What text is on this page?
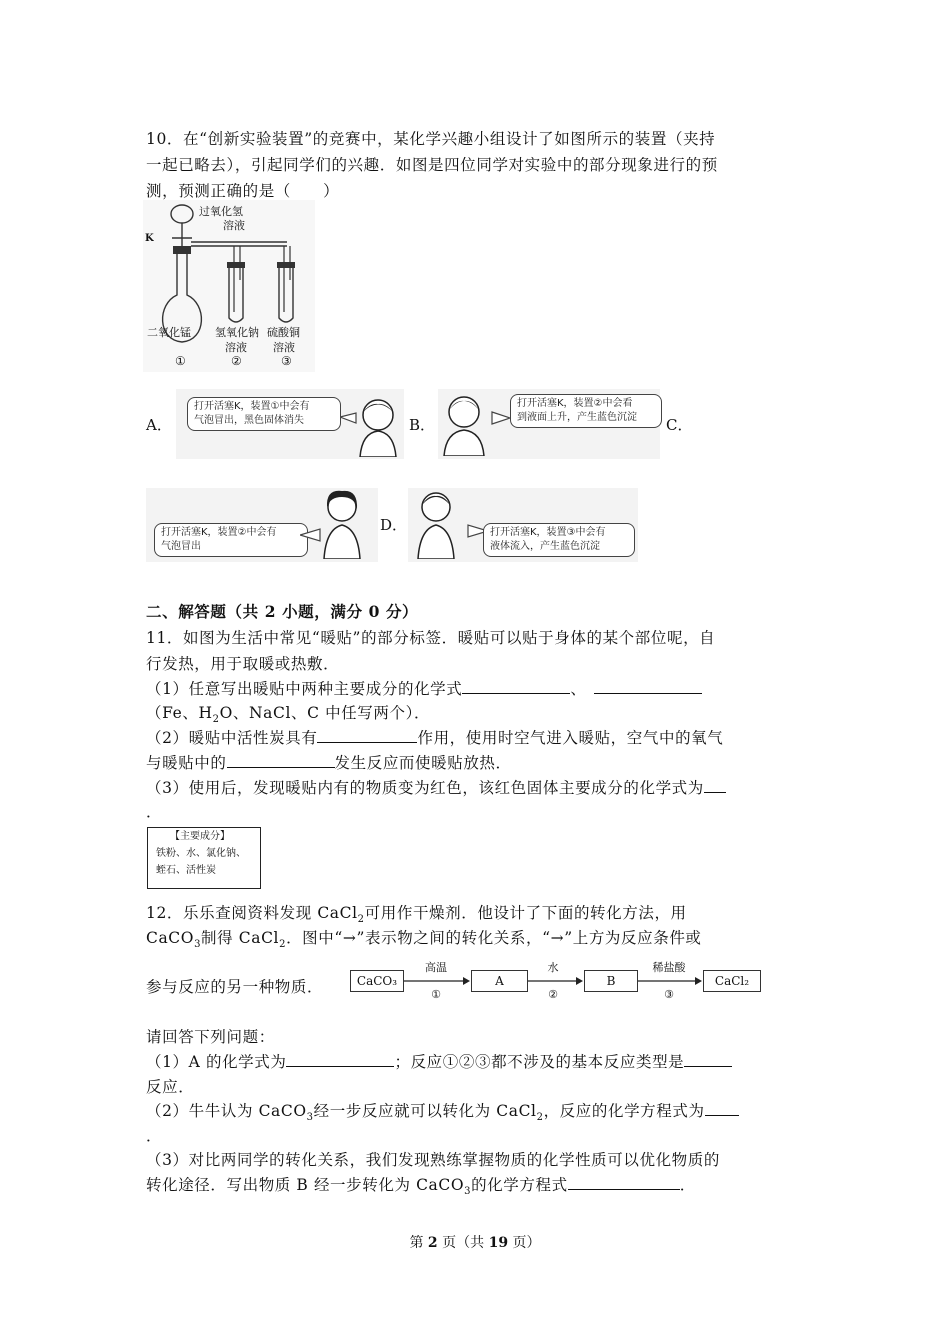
10．在“创新实验装置”的竞赛中，某化学兴趣小组设计了如图所示的装置（夹持
一起已略去），引起同学们的兴趣．如图是四位同学对实验中的部分现象进行的预
测，预测正确的是（　　）
过氧化氢
溶液
K
二氧化锰 氢氧化钠
溶液
硫酸铜
溶液
①	②	③
A．
打开活塞K，装置①中会有
气泡冒出，黑色固体消失	B．
打开活塞K，装置②中会看
到液面上升，产生蓝色沉淀	C．
打开活塞K，装置②中会有
气泡冒出
D．	打开活塞K，装置③中会有
液体流入，产生蓝色沉淀
二、解答题（共 2 小题，满分 0 分）
11．如图为生活中常见“暖贴”的部分标签．暖贴可以贴于身体的某个部位呢，自
行发热，用于取暖或热敷．
（1）任意写出暖贴中两种主要成分的化学式	、
（Fe、$H_2O$、NaCl、C 中任写两个）．
（2）暖贴中活性炭具有	作用，使用时空气进入暖贴，空气中的氧气
与暖贴中的	发生反应而使暖贴放热．
（3）使用后，发现暖贴内有的物质变为红色，该红色固体主要成分的化学式为
．
【主要成分】
铁粉、水、氯化钠、
蛭石、活性炭
12．乐乐查阅资料发现 CaCl$_2$可用作干燥剂．他设计了下面的转化方法，用
CaCO$_3$制得 CaCl$_2$．图中“→”表示物之间的转化关系，“→”上方为反应条件或
参与反应的另一种物质．	CaCO₃
高温
①
A
水
②
B
稀盐酸
③
CaCl₂
请回答下列问题：
（1）A 的化学式为	；反应①②③都不涉及的基本反应类型是
反应．
（2）牛牛认为 CaCO$_3$经一步反应就可以转化为 CaCl$_2$，反应的化学方程式为
．
（3）对比两同学的转化关系，我们发现熟练掌握物质的化学性质可以优化物质的
转化途径．写出物质 B 经一步转化为 CaCO$_3$的化学方程式	．
第 2 页（共 19 页）
